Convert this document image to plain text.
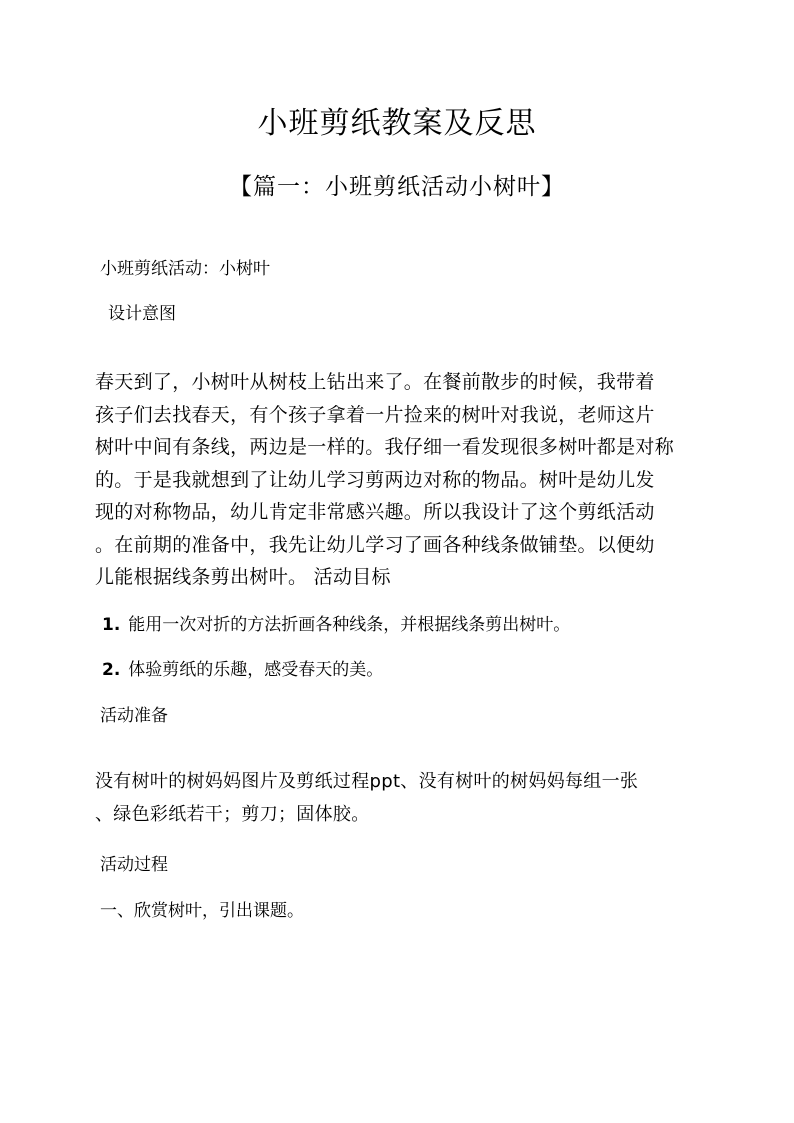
小班剪纸教案及反思
【篇一：小班剪纸活动小树叶】
小班剪纸活动：小树叶
设计意图

春天到了，小树叶从树枝上钻出来了。在餐前散步的时候，我带着

孩子们去找春天，有个孩子拿着一片捡来的树叶对我说，老师这片

树叶中间有条线，两边是一样的。我仔细一看发现很多树叶都是对称

的。于是我就想到了让幼儿学习剪两边对称的物品。树叶是幼儿发

现的对称物品，幼儿肯定非常感兴趣。所以我设计了这个剪纸活动

。在前期的准备中，我先让幼儿学习了画各种线条做铺垫。以便幼

儿能根据线条剪出树叶。 活动目标

1. 能用一次对折的方法折画各种线条，并根据线条剪出树叶。
2. 体验剪纸的乐趣，感受春天的美。
活动准备

没有树叶的树妈妈图片及剪纸过程ppt、没有树叶的树妈妈每组一张

、绿色彩纸若干；剪刀；固体胶。

活动过程
一、欣赏树叶，引出课题。
